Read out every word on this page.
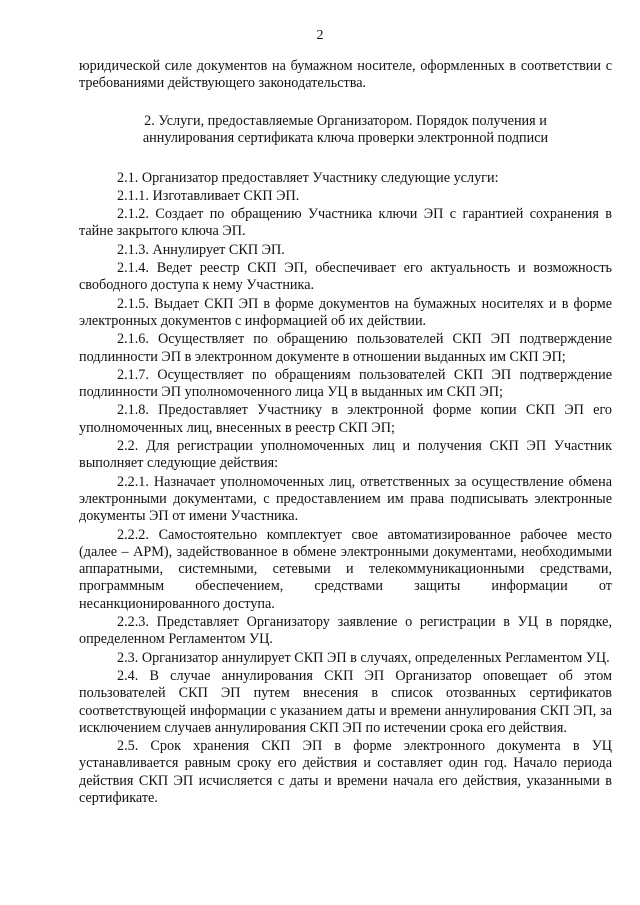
2

юридической силе документов на бумажном носителе, оформленных в соответствии с требованиями действующего законодательства.

2. Услуги, предоставляемые Организатором. Порядок получения и аннулирования сертификата ключа проверки электронной подписи

2.1. Организатор предоставляет Участнику следующие услуги:

2.1.1. Изготавливает СКП ЭП.

2.1.2. Создает по обращению Участника ключи ЭП с гарантией сохранения в тайне закрытого ключа ЭП.

2.1.3. Аннулирует СКП ЭП.

2.1.4. Ведет реестр СКП ЭП, обеспечивает его актуальность и возможность свободного доступа к нему Участника.

2.1.5. Выдает СКП ЭП в форме документов на бумажных носителях и в форме электронных документов с информацией об их действии.

2.1.6. Осуществляет по обращению пользователей СКП ЭП подтверждение подлинности ЭП в электронном документе в отношении выданных им СКП ЭП;

2.1.7. Осуществляет по обращениям пользователей СКП ЭП подтверждение подлинности ЭП уполномоченного лица УЦ в выданных им СКП ЭП;

2.1.8. Предоставляет Участнику в электронной форме копии СКП ЭП его уполномоченных лиц, внесенных в реестр СКП ЭП;

2.2. Для регистрации уполномоченных лиц и получения СКП ЭП Участник выполняет следующие действия:

2.2.1. Назначает уполномоченных лиц, ответственных за осуществление обмена электронными документами, с предоставлением им права подписывать электронные документы ЭП от имени Участника.

2.2.2. Самостоятельно комплектует свое автоматизированное рабочее место (далее – АРМ), задействованное в обмене электронными документами, необходимыми аппаратными, системными, сетевыми и телекоммуникационными средствами, программным обеспечением, средствами защиты информации от несанкционированного доступа.

2.2.3. Представляет Организатору заявление о регистрации в УЦ в порядке, определенном Регламентом УЦ.

2.3. Организатор аннулирует СКП ЭП в случаях, определенных Регламентом УЦ.

2.4. В случае аннулирования СКП ЭП Организатор оповещает об этом пользователей СКП ЭП путем внесения в список отозванных сертификатов соответствующей информации с указанием даты и времени аннулирования СКП ЭП, за исключением случаев аннулирования СКП ЭП по истечении срока его действия.

2.5. Срок хранения СКП ЭП в форме электронного документа в УЦ устанавливается равным сроку его действия и составляет один год. Начало периода действия СКП ЭП исчисляется с даты и времени начала его действия, указанными в сертификате.
